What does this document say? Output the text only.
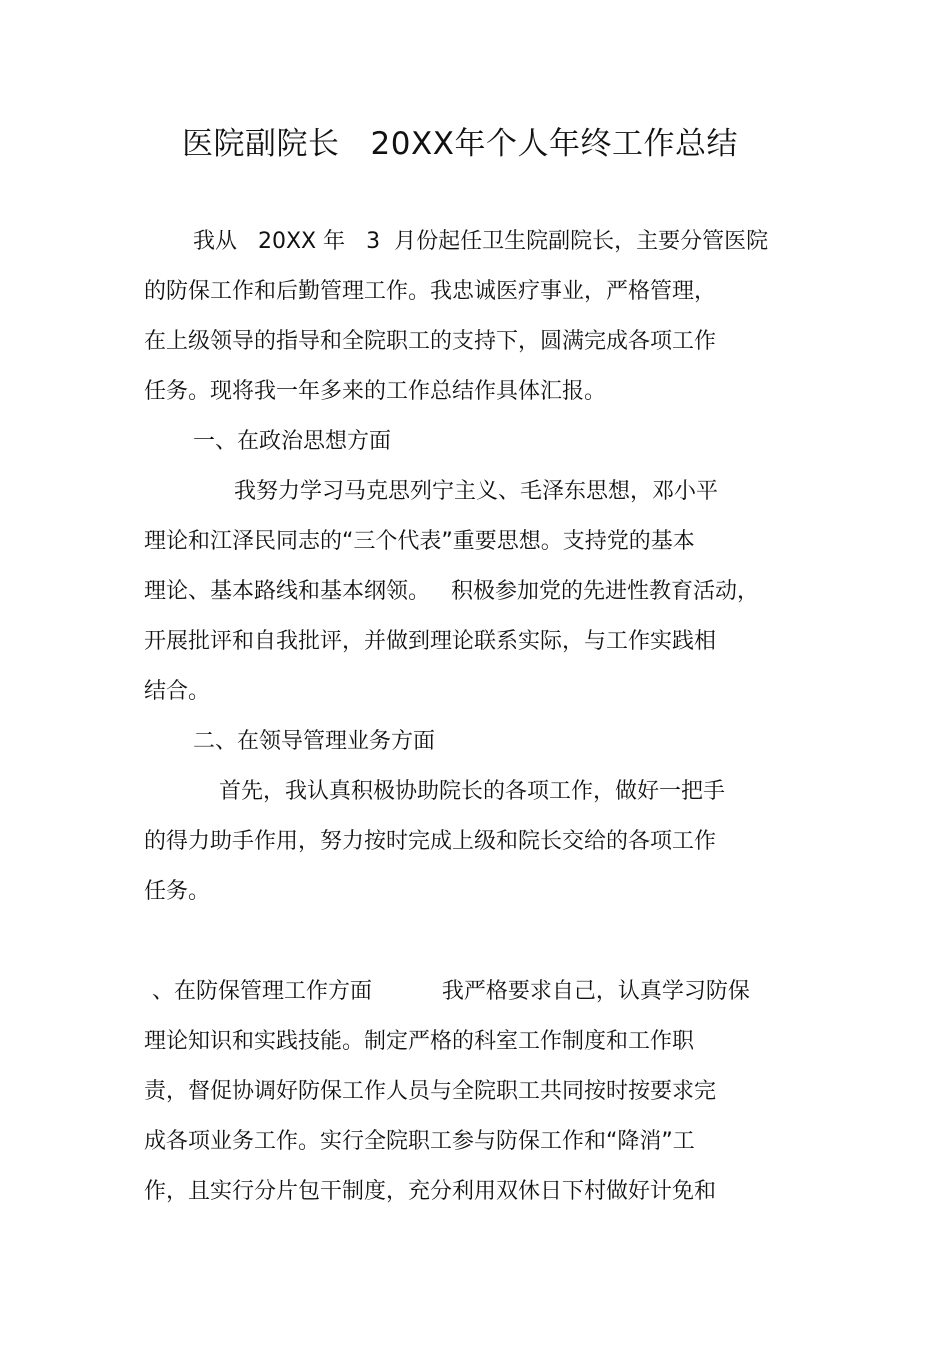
医院副院长   20XX年个人年终工作总结
我从   20XX 年   3  月份起任卫生院副院长，主要分管医院
的防保工作和后勤管理工作。我忠诚医疗事业，严格管理，
在上级领导的指导和全院职工的支持下，圆满完成各项工作
任务。现将我一年多来的工作总结作具体汇报。
一、在政治思想方面
我努力学习马克思列宁主义、毛泽东思想，邓小平
理论和江泽民同志的“三个代表”重要思想。支持党的基本
理论、基本路线和基本纲领。   积极参加党的先进性教育活动，
开展批评和自我批评，并做到理论联系实际，与工作实践相
结合。
二、在领导管理业务方面
首先，我认真积极协助院长的各项工作，做好一把手
的得力助手作用，努力按时完成上级和院长交给的各项工作
任务。
、在防保管理工作方面          我严格要求自己，认真学习防保
理论知识和实践技能。制定严格的科室工作制度和工作职
责，督促协调好防保工作人员与全院职工共同按时按要求完
成各项业务工作。实行全院职工参与防保工作和“降消”工
作，且实行分片包干制度，充分利用双休日下村做好计免和
